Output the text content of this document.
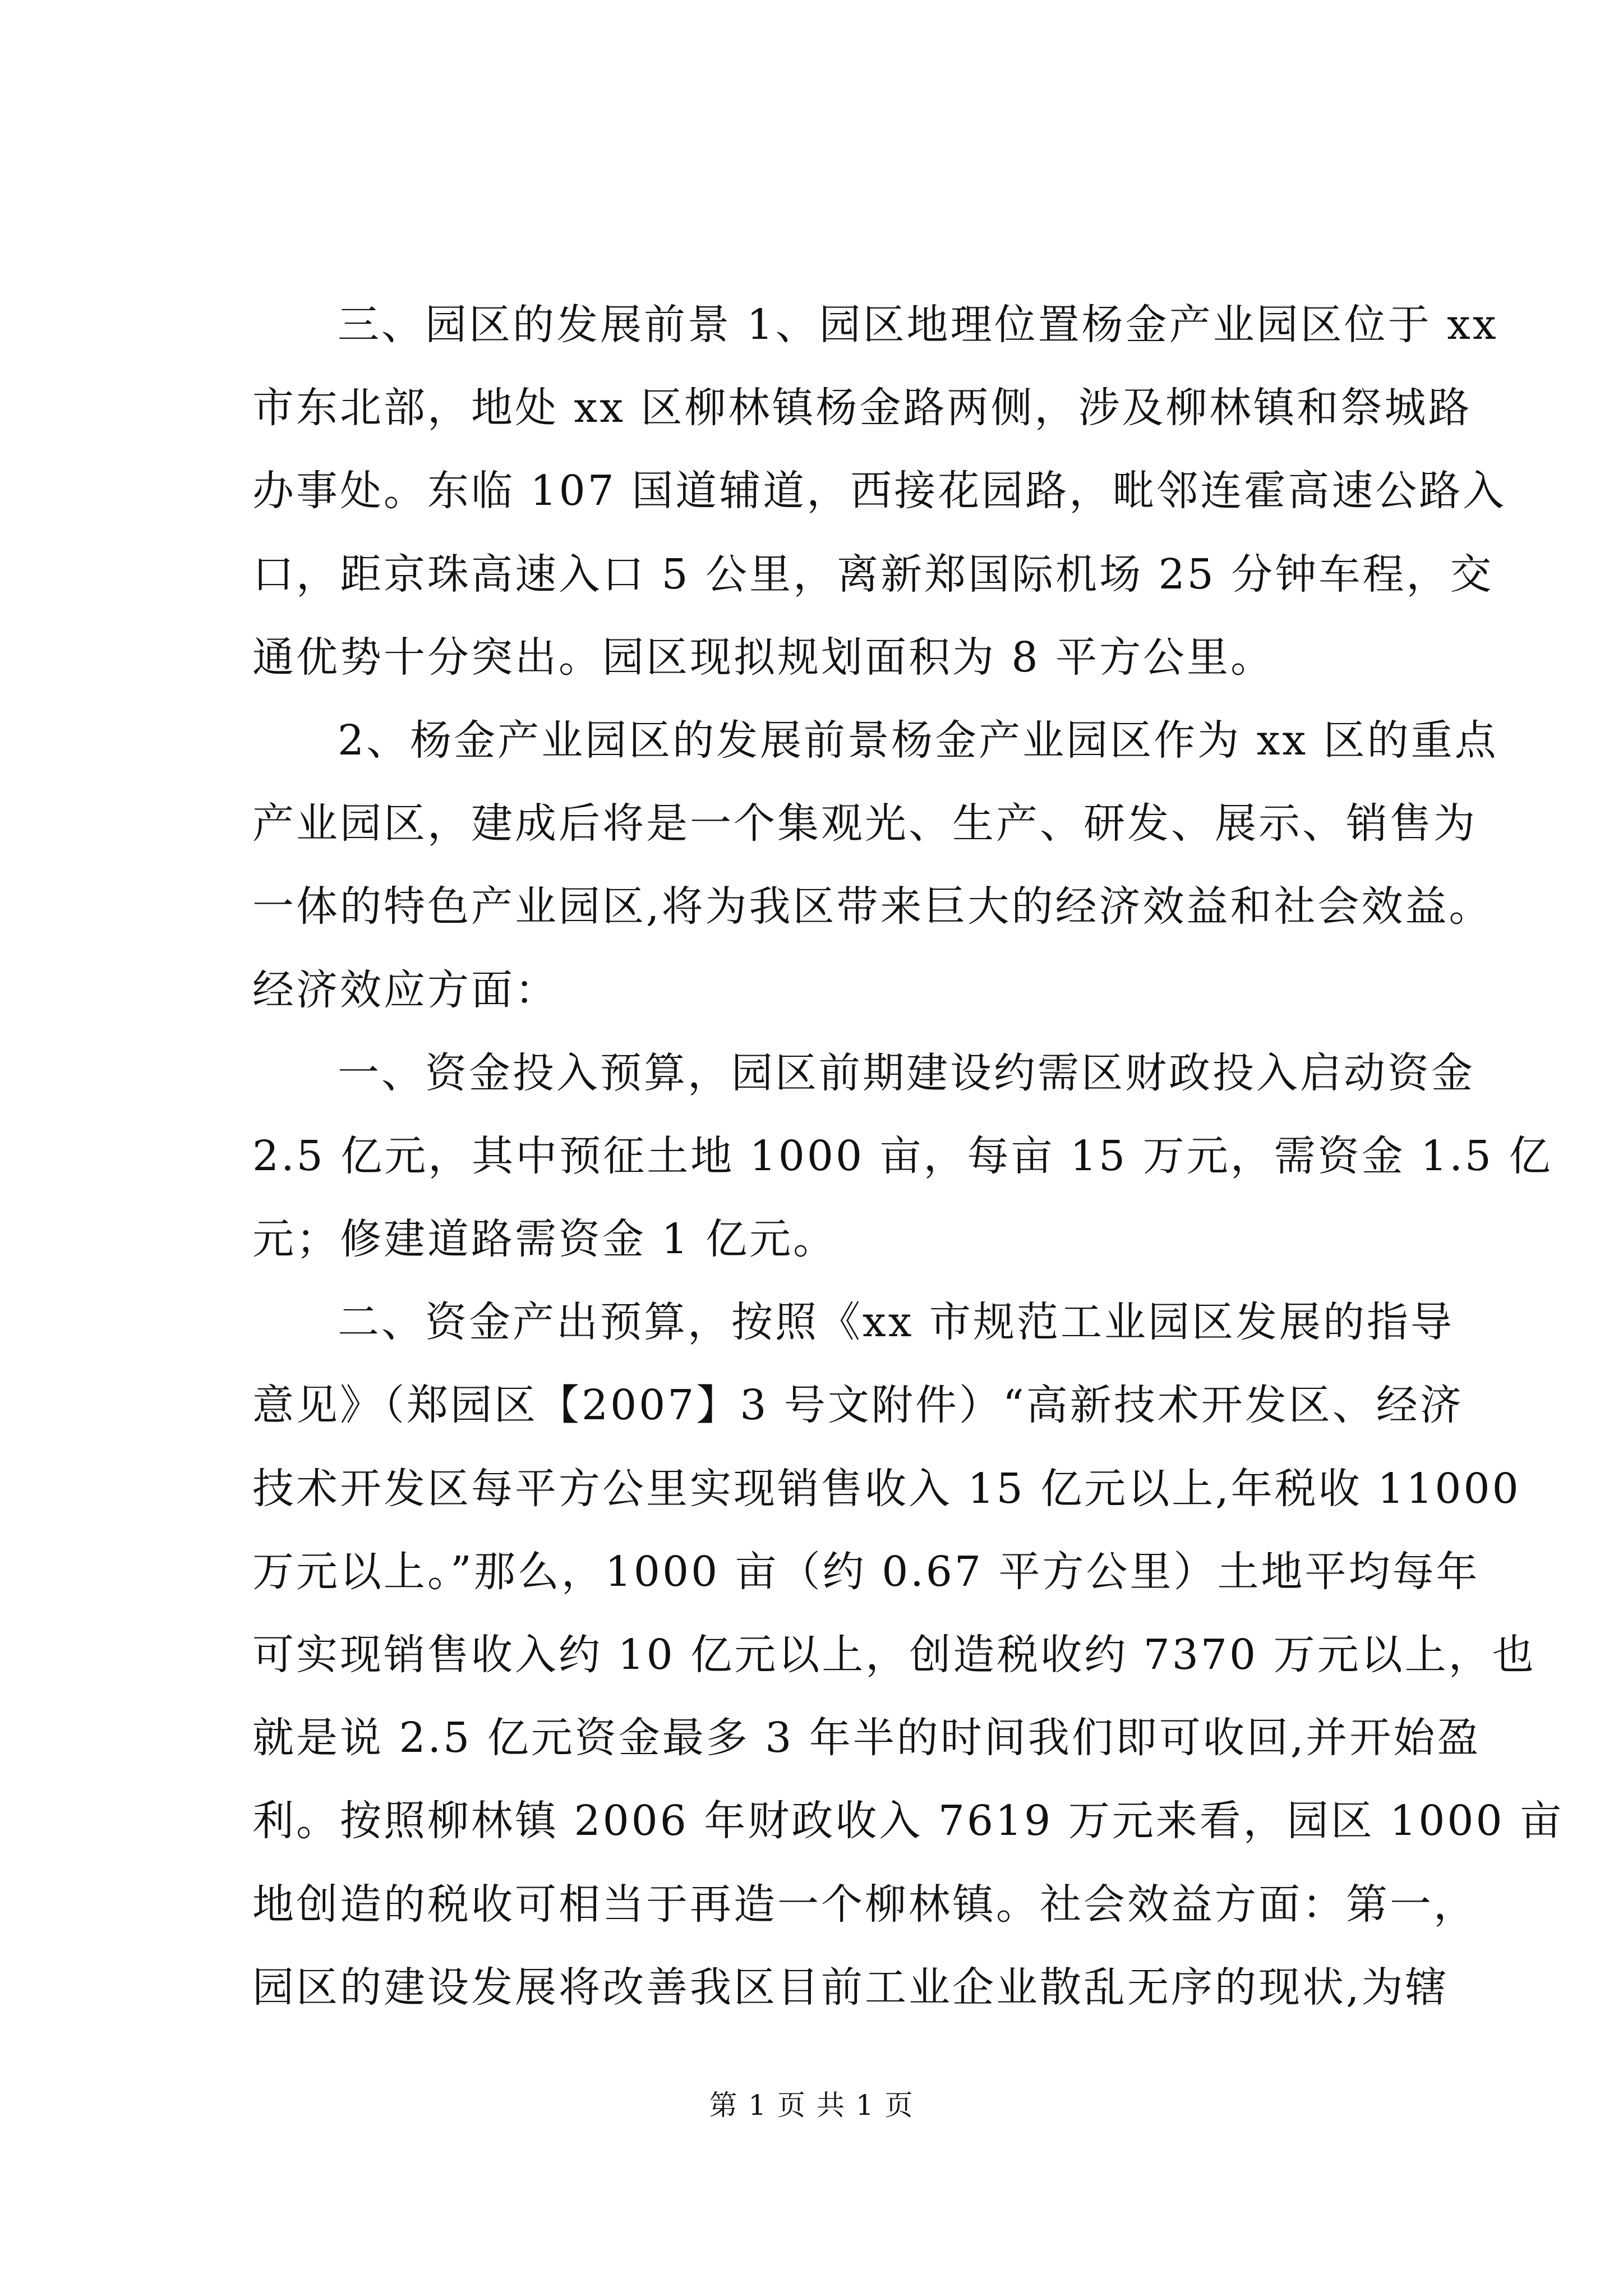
三、园区的发展前景 1、园区地理位置杨金产业园区位于 xx
市东北部，地处 xx 区柳林镇杨金路两侧，涉及柳林镇和祭城路
办事处。东临 107 国道辅道，西接花园路，毗邻连霍高速公路入
口，距京珠高速入口 5 公里，离新郑国际机场 25 分钟车程，交
通优势十分突出。园区现拟规划面积为 8 平方公里。
2、杨金产业园区的发展前景杨金产业园区作为 xx 区的重点
产业园区，建成后将是一个集观光、生产、研发、展示、销售为
一体的特色产业园区,将为我区带来巨大的经济效益和社会效益。
经济效应方面：
一、资金投入预算，园区前期建设约需区财政投入启动资金
2.5 亿元，其中预征土地 1000 亩，每亩 15 万元，需资金 1.5 亿
元；修建道路需资金 1 亿元。
二、资金产出预算，按照《xx 市规范工业园区发展的指导
意见》（郑园区【2007】3 号文附件）“高新技术开发区、经济
技术开发区每平方公里实现销售收入 15 亿元以上,年税收 11000
万元以上。”那么，1000 亩（约 0.67 平方公里）土地平均每年
可实现销售收入约 10 亿元以上，创造税收约 7370 万元以上，也
就是说 2.5 亿元资金最多 3 年半的时间我们即可收回,并开始盈
利。按照柳林镇 2006 年财政收入 7619 万元来看，园区 1000 亩
地创造的税收可相当于再造一个柳林镇。社会效益方面：第一，
园区的建设发展将改善我区目前工业企业散乱无序的现状,为辖
第 1 页 共 1 页
